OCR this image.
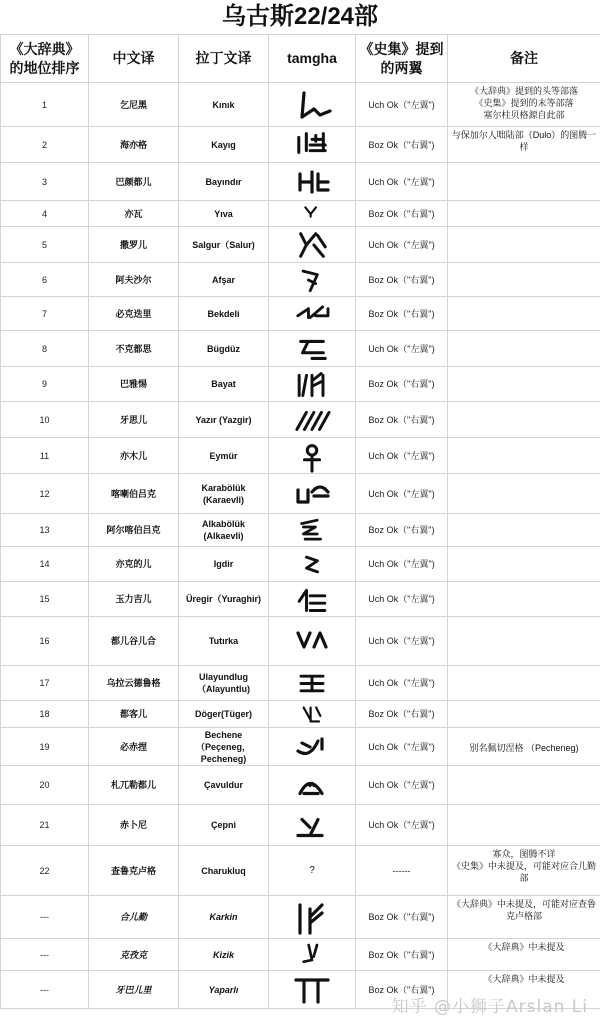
乌古斯22/24部
《大辞典》的地位排序	中文译	拉丁文译	tamgha	《史集》提到的两翼	备注
1	乞尼黑	Kınık		Uch Ok（"左翼")	《大辞典》提到的头等部落
《史集》提到的末等部落
塞尔柱贝格源自此部
2	海亦格	Kayıg		Boz Ok（"右翼")	与保加尔人咄陆部（Dulo）的图腾一样
3	巴颜都儿	Bayındır		Uch Ok（"左翼")	
4	亦瓦	Yıva		Boz Ok（"右翼")	
5	撒罗儿	Salgur（Salur)		Uch Ok（"左翼")	
6	阿夫沙尔	Afşar		Boz Ok（"右翼")	
7	必克迭里	Bekdeli		Boz Ok（"右翼")	
8	不克都思	Bügdüz		Uch Ok（"左翼")	
9	巴雅惕	Bayat		Boz Ok（"右翼")	
10	牙思儿	Yazır (Yazgir)		Boz Ok（"右翼")	
11	亦木儿	Eymür		Uch Ok（"左翼")	
12	喀喇伯吕克	Karabölük (Karaevli)		Uch Ok（"左翼")	
13	阿尔喀伯吕克	Alkabölük (Alkaevli)		Boz Ok（"右翼")	
14	亦克的儿	Igdir		Uch Ok（"左翼")	
15	玉力吉儿	Üregir（Yuraghir)		Uch Ok（"左翼")	
16	都儿谷儿合	Tutırka		Uch Ok（"左翼")	
17	乌拉云德鲁格	Ulayundlug（Alayuntlu)		Uch Ok（"左翼")	
18	都客儿	Döger(Tüger)		Boz Ok（"右翼")	
19	必赤捏	Bechene
（Peçeneg，Pecheneg)		Uch Ok（"左翼")	别名佩切涅格 （Pecheneg)
20	札兀勒都儿	Çavuldur		Uch Ok（"左翼")	
21	赤卜尼	Çepni		Uch Ok（"左翼")	
22	查鲁克卢格	Charukluq	?	------	寡众，图腾不详
《史集》中未提及，可能对应合儿勤部
---	合儿勤	Karkin		Boz Ok（"右翼")	《大辞典》中未提及，可能对应查鲁克卢格部
---	克孜克	Kizik		Boz Ok（"右翼")	《大辞典》中未提及
---	牙巴儿里	Yaparlı		Boz Ok（"右翼")	《大辞典》中未提及
知乎 @小狮子Arslan Li
